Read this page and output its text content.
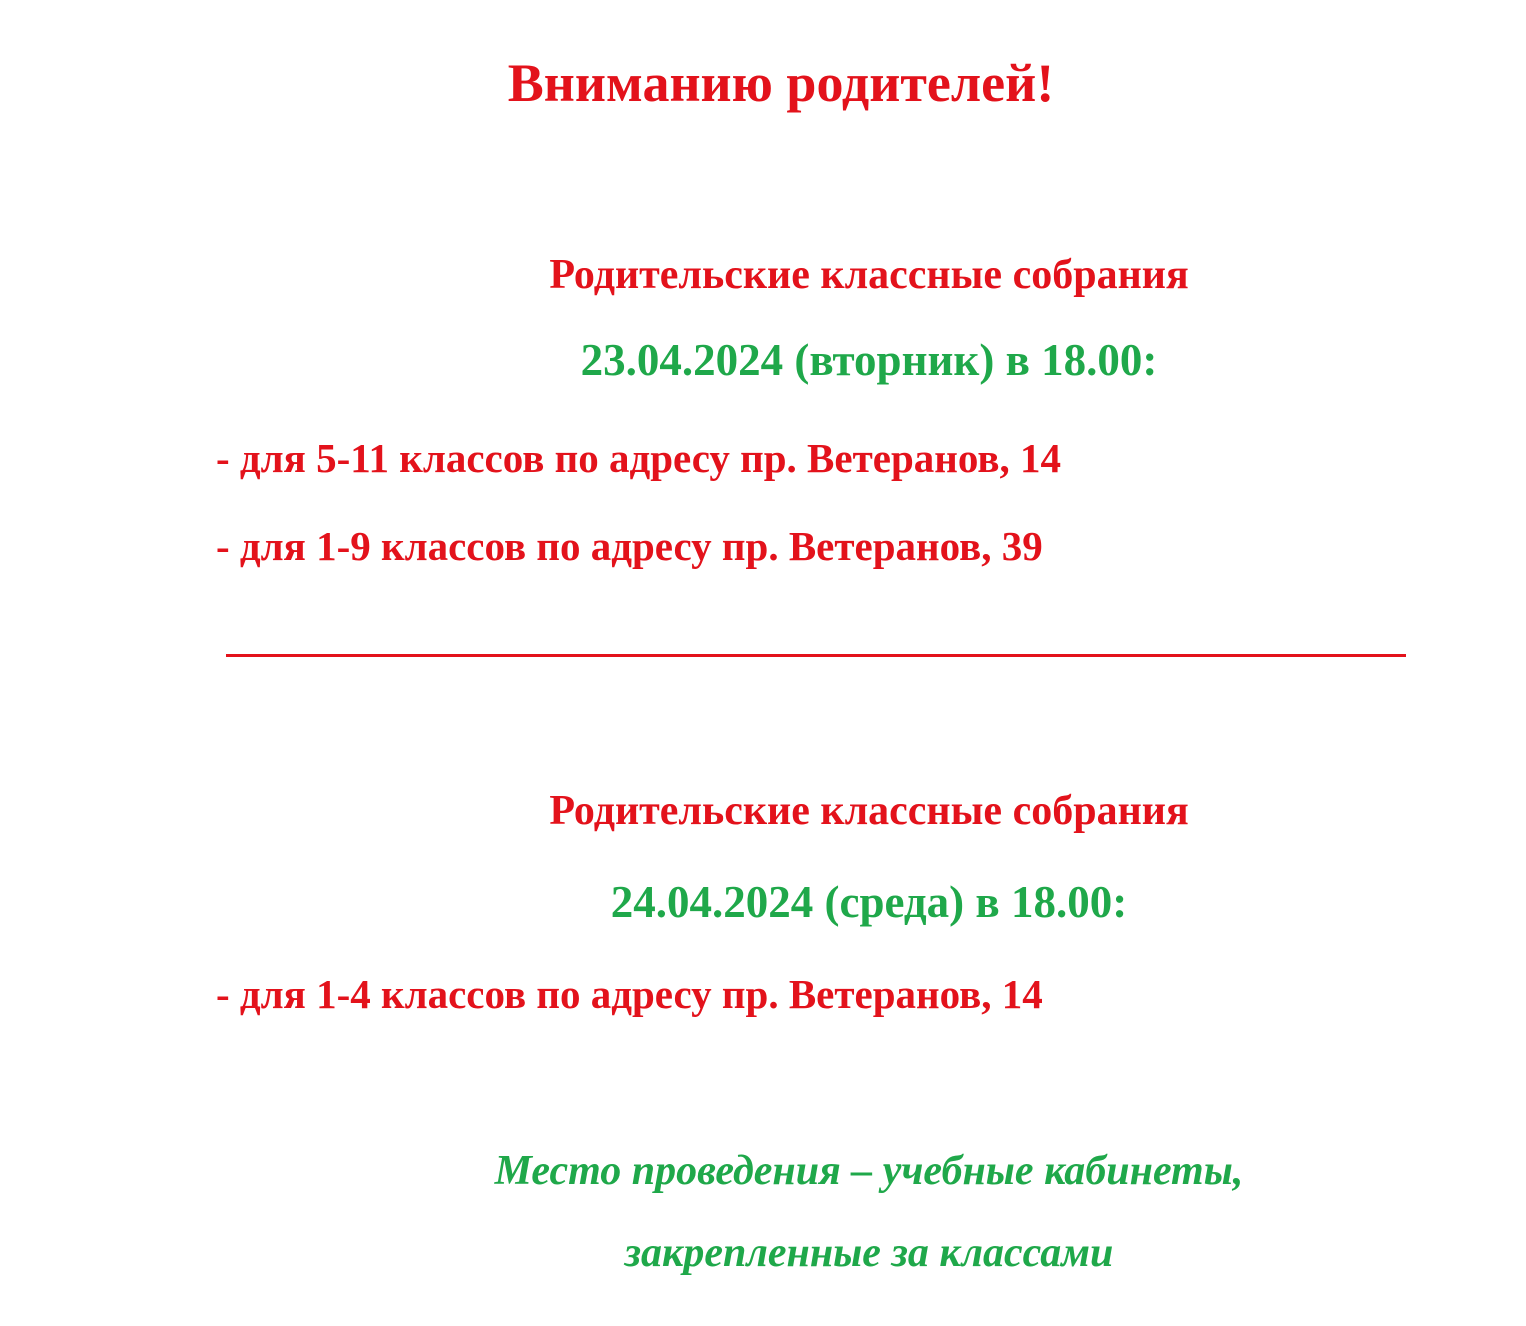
Вниманию родителей!
Родительские классные собрания
23.04.2024 (вторник) в 18.00:
- для 5-11 классов по адресу пр. Ветеранов, 14
- для 1-9 классов по адресу пр. Ветеранов, 39
Родительские классные собрания
24.04.2024 (среда) в 18.00:
- для 1-4 классов по адресу пр. Ветеранов, 14
Место проведения – учебные кабинеты,
закрепленные за классами
